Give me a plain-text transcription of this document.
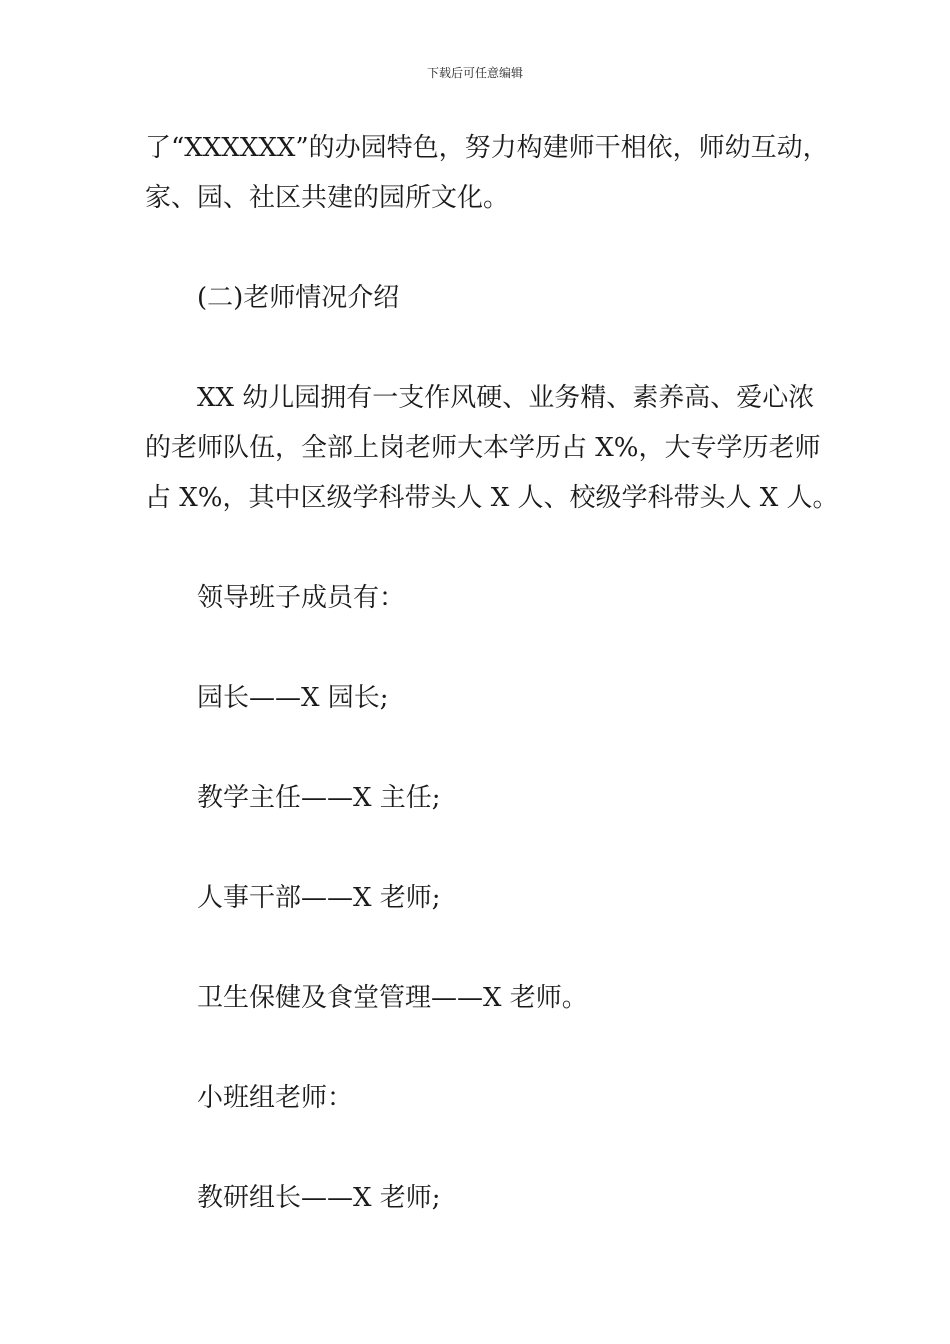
下载后可任意编辑
了“XXXXXX”的办园特色，努力构建师干相依，师幼互动，
家、园、社区共建的园所文化。
(二)老师情况介绍
XX 幼儿园拥有一支作风硬、业务精、素养高、爱心浓
的老师队伍，全部上岗老师大本学历占 X%，大专学历老师
占 X%，其中区级学科带头人 X 人、校级学科带头人 X 人。
领导班子成员有：
园长——X 园长;
教学主任——X 主任;
人事干部——X 老师;
卫生保健及食堂管理——X 老师。
小班组老师：
教研组长——X 老师;
